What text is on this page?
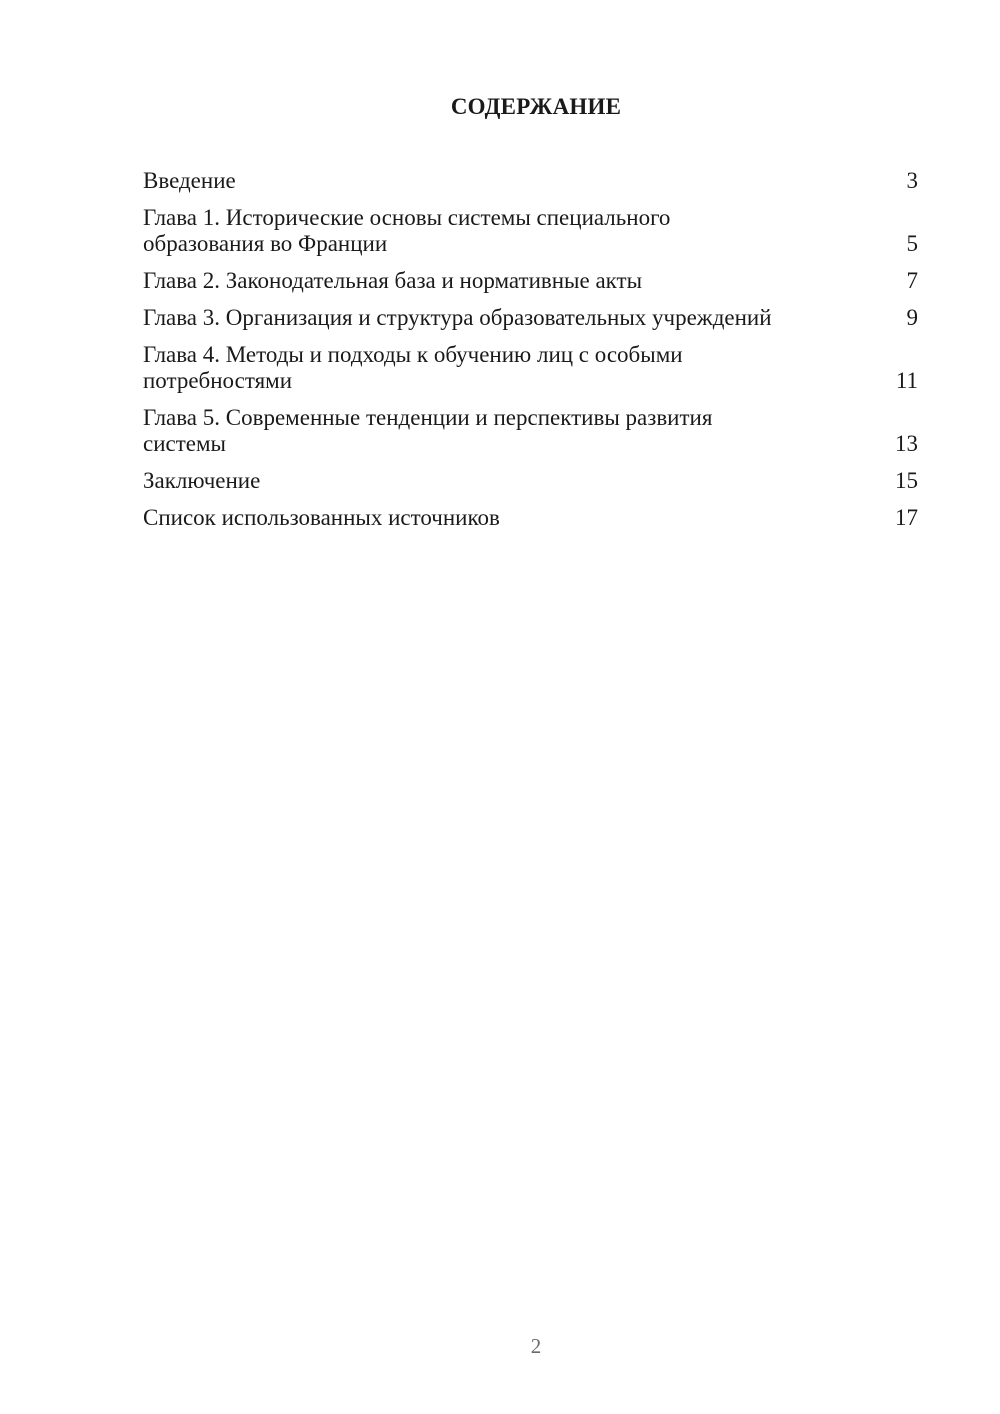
СОДЕРЖАНИЕ
Введение	3
Глава 1. Исторические основы системы специального образования во Франции	5
Глава 2. Законодательная база и нормативные акты	7
Глава 3. Организация и структура образовательных учреждений	9
Глава 4. Методы и подходы к обучению лиц с особыми потребностями	11
Глава 5. Современные тенденции и перспективы развития системы	13
Заключение	15
Список использованных источников	17
2
